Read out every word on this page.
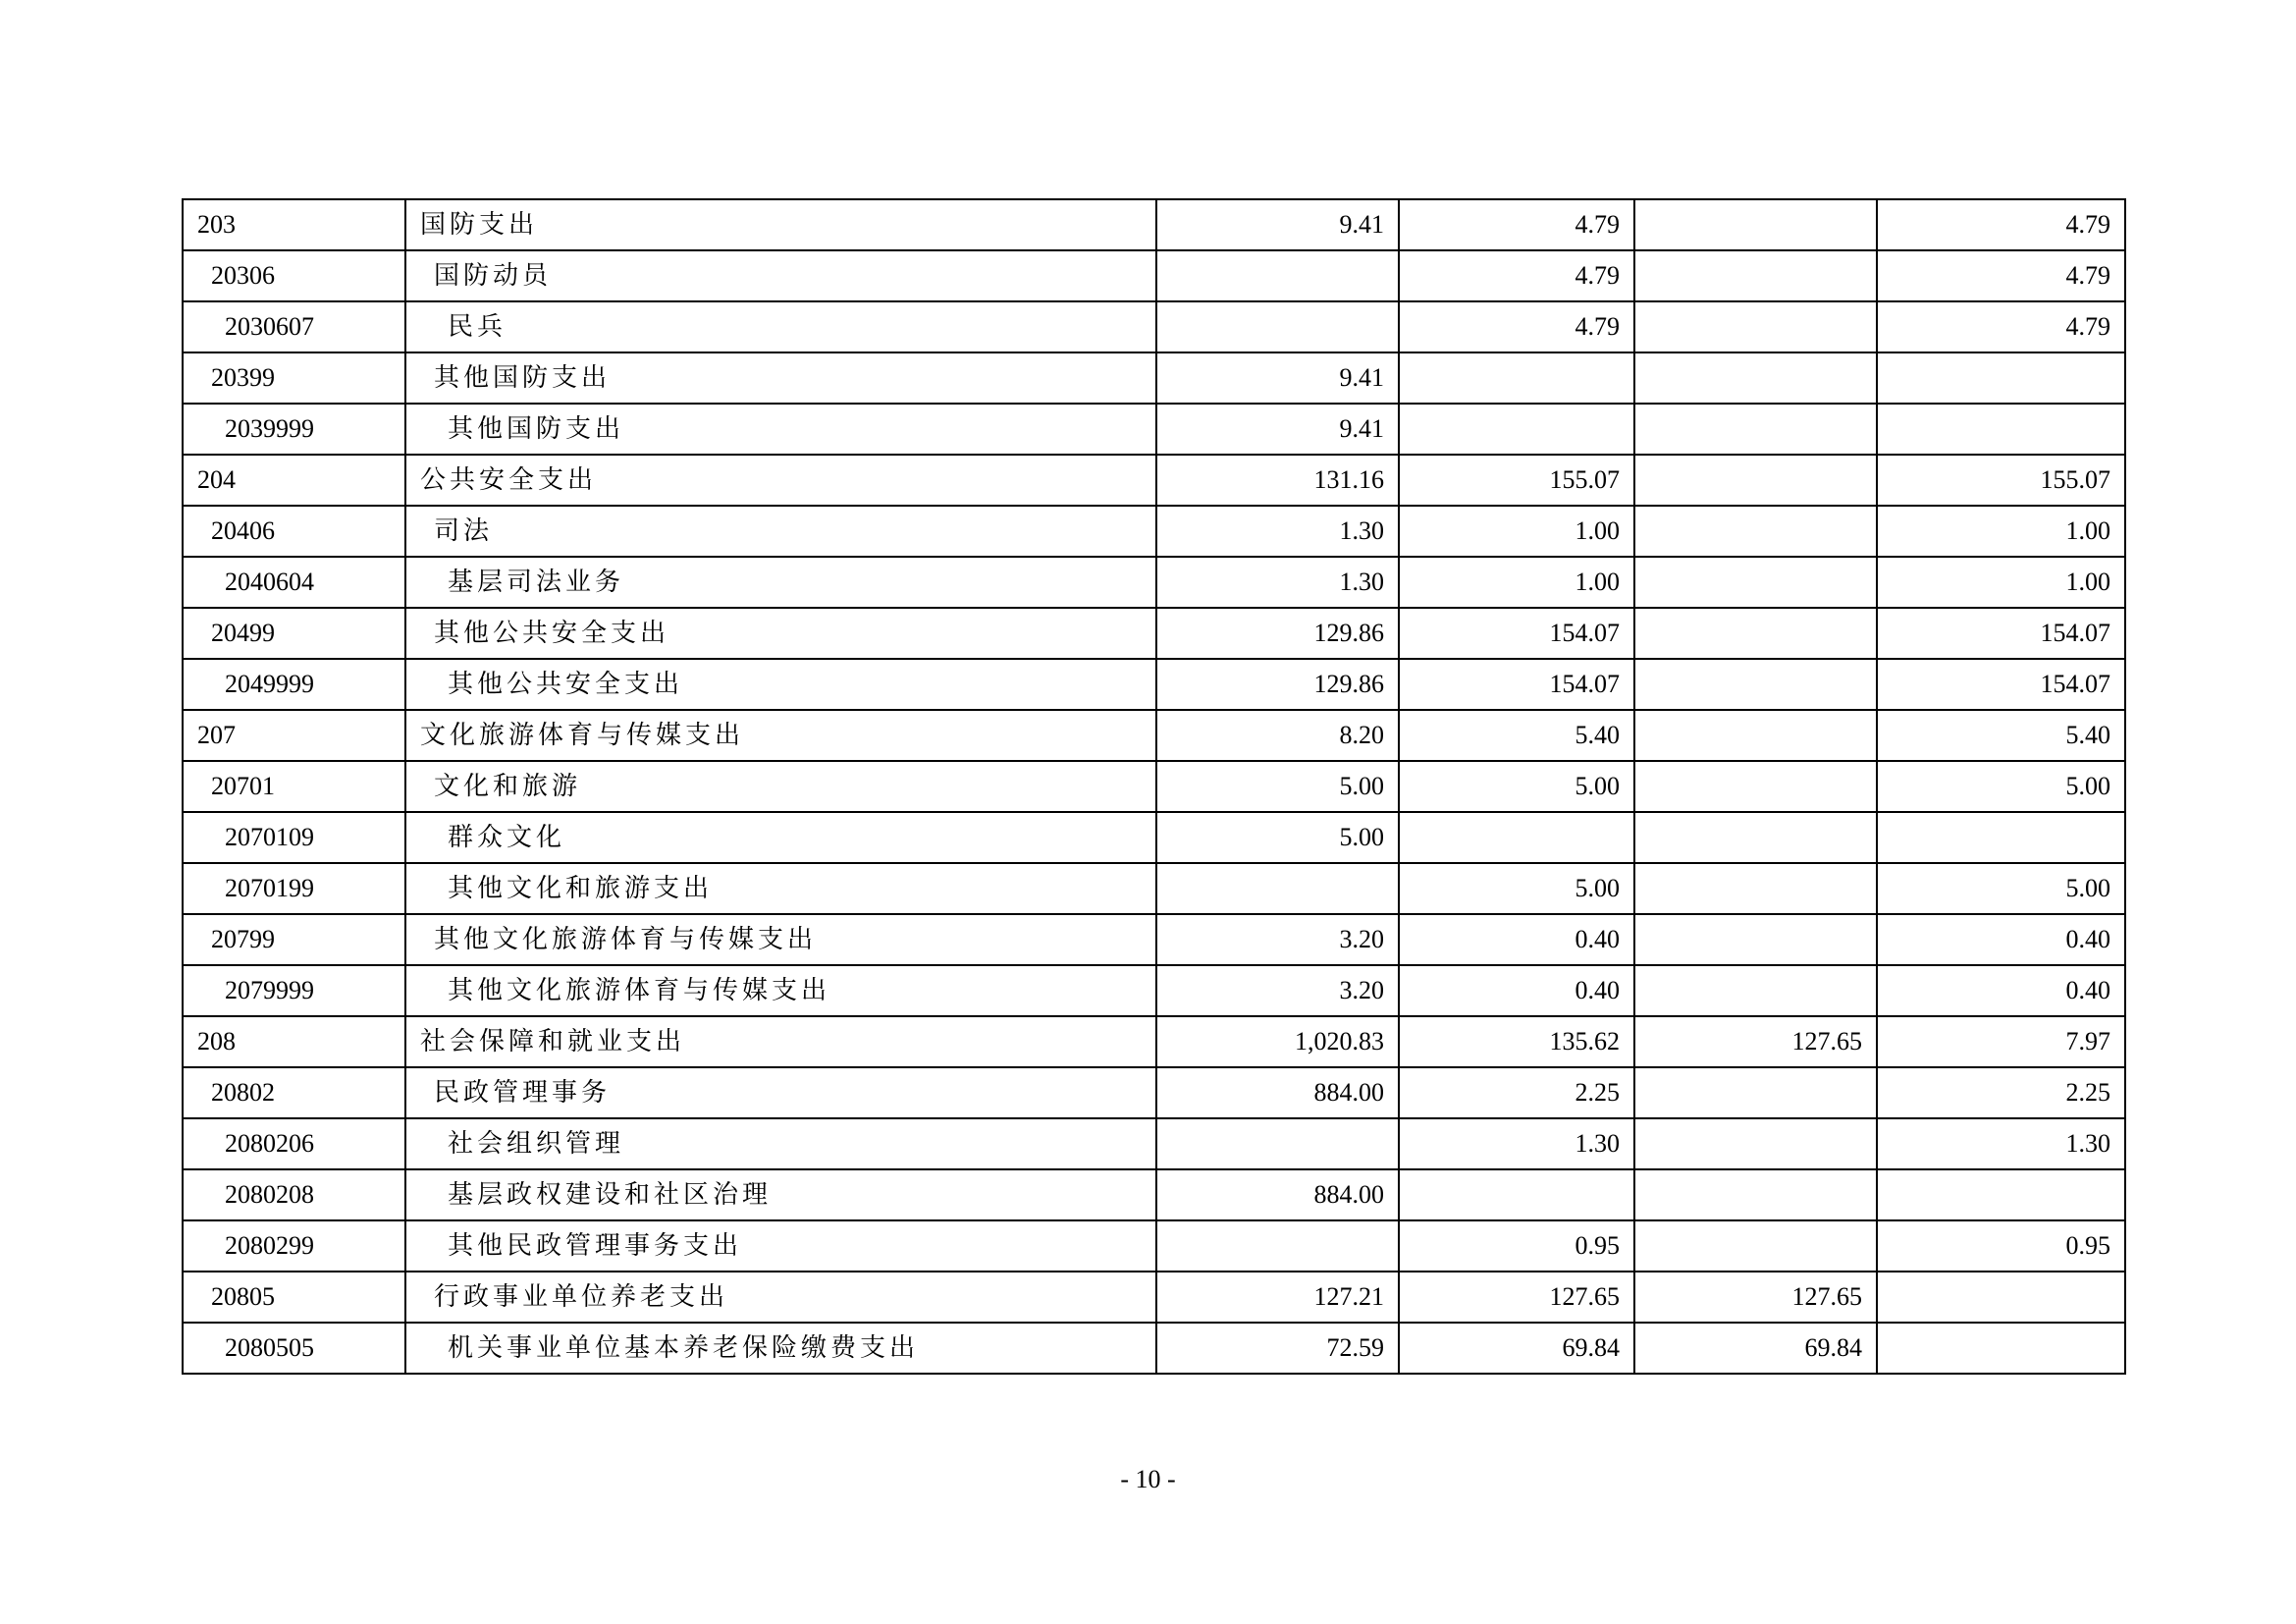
203	国防支出	9.41	4.79		4.79
20306	国防动员		4.79		4.79
2030607	民兵		4.79		4.79
20399	其他国防支出	9.41			
2039999	其他国防支出	9.41			
204	公共安全支出	131.16	155.07		155.07
20406	司法	1.30	1.00		1.00
2040604	基层司法业务	1.30	1.00		1.00
20499	其他公共安全支出	129.86	154.07		154.07
2049999	其他公共安全支出	129.86	154.07		154.07
207	文化旅游体育与传媒支出	8.20	5.40		5.40
20701	文化和旅游	5.00	5.00		5.00
2070109	群众文化	5.00			
2070199	其他文化和旅游支出		5.00		5.00
20799	其他文化旅游体育与传媒支出	3.20	0.40		0.40
2079999	其他文化旅游体育与传媒支出	3.20	0.40		0.40
208	社会保障和就业支出	1,020.83	135.62	127.65	7.97
20802	民政管理事务	884.00	2.25		2.25
2080206	社会组织管理		1.30		1.30
2080208	基层政权建设和社区治理	884.00			
2080299	其他民政管理事务支出		0.95		0.95
20805	行政事业单位养老支出	127.21	127.65	127.65	
2080505	机关事业单位基本养老保险缴费支出	72.59	69.84	69.84	
- 10 -
